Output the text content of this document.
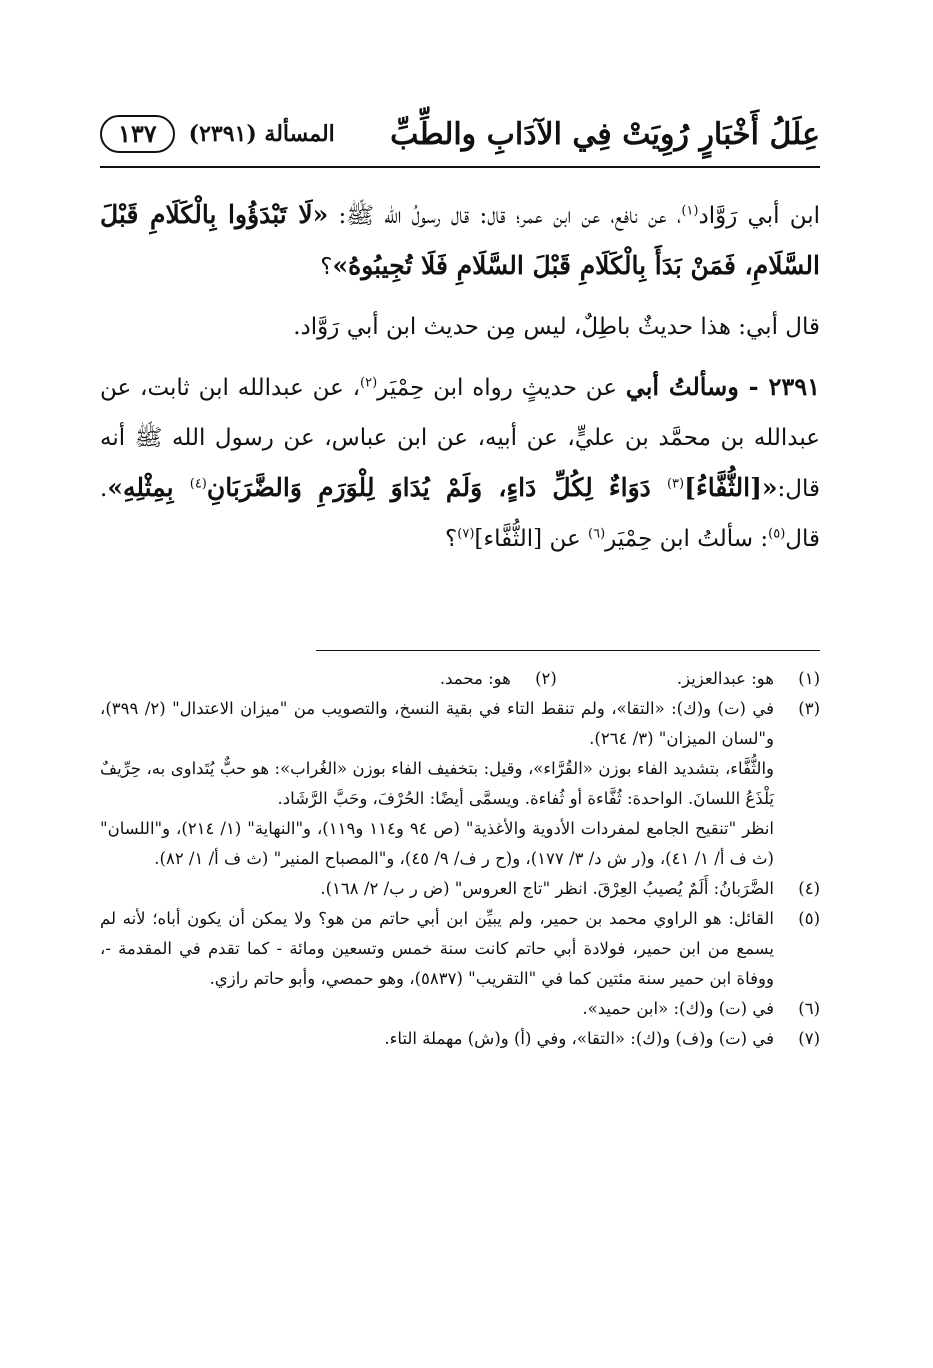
عِلَلُ أَخْبَارٍ رُوِيَتْ فِي الآدَابِ والطِّبِّ
المسألة (٢٣٩١)
١٣٧

ابن أبي رَوَّاد$^{(١)}$، عن نافع، عن ابن عمر؛ قال: قال رسولُ الله ﷺ: «لَا تَبْدَؤُوا بِالْكَلَامِ قَبْلَ السَّلَامِ، فَمَنْ بَدَأَ بِالْكَلَامِ قَبْلَ السَّلَامِ فَلَا تُجِيبُوهُ»؟

قال أبي: هذا حديثٌ باطِلٌ، ليس مِن حديث ابن أبي رَوَّاد.

٢٣٩١ - وسألتُ أبي عن حديثٍ رواه ابن حِمْيَر$^{(٢)}$، عن عبدالله ابن ثابت، عن عبدالله بن محمَّد بن عليٍّ، عن أبيه، عن ابن عباس، عن رسول الله ﷺ أنه قال:«[الثُّفَّاءُ]$^{(٣)}$ دَوَاءٌ لِكُلِّ دَاءٍ، وَلَمْ يُدَاوَ لِلْوَرَمِ وَالضَّرَبَانِ$^{(٤)}$ بِمِثْلِهِ». قال$^{(٥)}$: سألتُ ابن حِمْيَر$^{(٦)}$ عن [الثُّفَّاء]$^{(٧)}$؟

(١)
هو: عبدالعزيز.
(٢)
هو: محمد.
(٣)

في (ت) و(ك): «التقا»، ولم تنقط التاء في بقية النسخ، والتصويب من "ميزان الاعتدال" (٢/ ٣٩٩)، و"لسان الميزان" (٣/ ٢٦٤).

والثُّفَّاء، بتشديد الفاء بوزن «القُرَّاء»، وقيل: بتخفيف الفاء بوزن «الغُراب»: هو حبٌّ يُتَداوى به، حِرِّيفٌ يَلْذَعُ اللسانَ. الواحدة: ثُفَّاءة أو ثُفاءة. ويسمَّى أيضًا: الحُرْفَ، وحَبَّ الرَّشَاد.

انظر "تنقيح الجامع لمفردات الأدوية والأغذية" (ص ٩٤ و١١٤ و١١٩)، و"النهاية" (١/ ٢١٤)، و"اللسان" (ث ف أ/ ١/ ٤١)، و(ر ش د/ ٣/ ١٧٧)، و(ح ر ف/ ٩/ ٤٥)، و"المصباح المنير" (ث ف أ/ ١/ ٨٢).

(٤)
الضَّرَبانُ: أَلَمٌ يُصيبُ العِرْقَ. انظر "تاج العروس" (ض ر ب/ ٢/ ١٦٨).
(٥)
القائل: هو الراوي محمد بن حمير، ولم يبيِّن ابن أبي حاتم من هو؟ ولا يمكن أن يكون أباه؛ لأنه لم يسمع من ابن حمير، فولادة أبي حاتم كانت سنة خمس وتسعين ومائة - كما تقدم في المقدمة -، ووفاة ابن حمير سنة مئتين كما في "التقريب" (٥٨٣٧)، وهو حمصي، وأبو حاتم رازي.
(٦)
في (ت) و(ك): «ابن حميد».
(٧)
في (ت) و(ف) و(ك): «التقا»، وفي (أ) و(ش) مهملة التاء.
